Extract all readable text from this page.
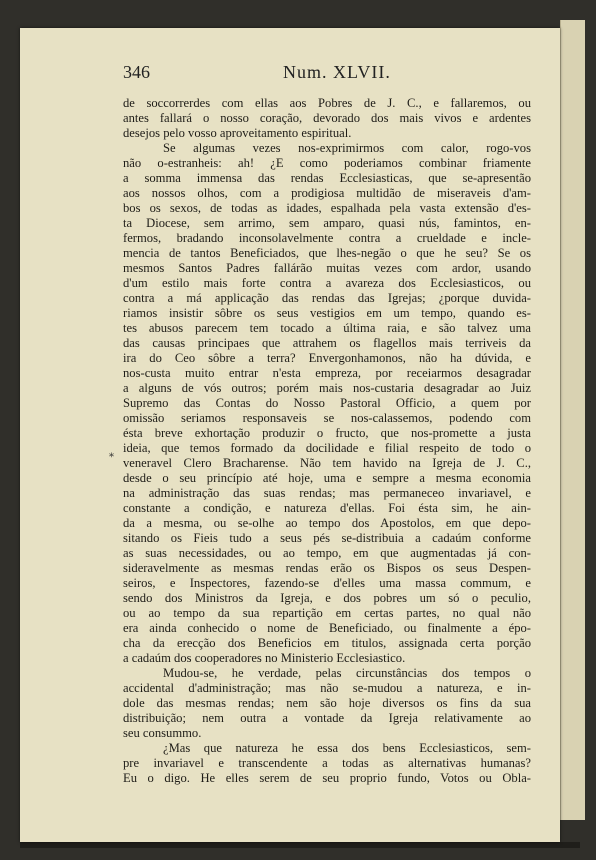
346	Num. XLVII.
*
de soccorrerdes com ellas aos Pobres de J. C., e fallaremos, ou
antes fallará o nosso coração, devorado dos mais vivos e ardentes
desejos pelo vosso aproveitamento espiritual.
Se algumas vezes nos-exprimirmos com calor, rogo-vos
não o-estranheis: ah! ¿E como poderiamos combinar friamente
a somma immensa das rendas Ecclesiasticas, que se-apresentão
aos nossos olhos, com a prodigiosa multidão de miseraveis d'am-
bos os sexos, de todas as idades, espalhada pela vasta extensão d'es-
ta Diocese, sem arrimo, sem amparo, quasi nús, famintos, en-
fermos, bradando inconsolavelmente contra a crueldade e incle-
mencia de tantos Beneficiados, que lhes-negão o que he seu? Se os
mesmos Santos Padres fallárão muitas vezes com ardor, usando
d'um estilo mais forte contra a avareza dos Ecclesiasticos, ou
contra a má applicação das rendas das Igrejas; ¿porque duvida-
riamos insistir sôbre os seus vestigios em um tempo, quando es-
tes abusos parecem tem tocado a última raia, e são talvez uma
das causas principaes que attrahem os flagellos mais terriveis da
ira do Ceo sôbre a terra? Envergonhamonos, não ha dúvida, e
nos-custa muito entrar n'esta empreza, por receiarmos desagradar
a alguns de vós outros; porém mais nos-custaria desagradar ao Juiz
Supremo das Contas do Nosso Pastoral Officio, a quem por
omissão seriamos responsaveis se nos-calassemos, podendo com
ésta breve exhortação produzir o fructo, que nos-promette a justa
ideia, que temos formado da docilidade e filial respeito de todo o
veneravel Clero Bracharense. Não tem havido na Igreja de J. C.,
desde o seu princípio até hoje, uma e sempre a mesma economia
na administração das suas rendas; mas permaneceo invariavel, e
constante a condição, e natureza d'ellas. Foi ésta sim, he ain-
da a mesma, ou se-olhe ao tempo dos Apostolos, em que depo-
sitando os Fieis tudo a seus pés se-distribuia a cadaúm conforme
as suas necessidades, ou ao tempo, em que augmentadas já con-
sideravelmente as mesmas rendas erão os Bispos os seus Despen-
seiros, e Inspectores, fazendo-se d'elles uma massa commum, e
sendo dos Ministros da Igreja, e dos pobres um só o peculio,
ou ao tempo da sua repartição em certas partes, no qual não
era ainda conhecido o nome de Beneficiado, ou finalmente a épo-
cha da erecção dos Beneficios em titulos, assignada certa porção
a cadaúm dos cooperadores no Ministerio Ecclesiastico.
Mudou-se, he verdade, pelas circunstâncias dos tempos o
accidental d'administração; mas não se-mudou a natureza, e in-
dole das mesmas rendas; nem são hoje diversos os fins da sua
distribuição; nem outra a vontade da Igreja relativamente ao
seu consummo.
¿Mas que natureza he essa dos bens Ecclesiasticos, sem-
pre invariavel e transcendente a todas as alternativas humanas?
Eu o digo. He elles serem de seu proprio fundo, Votos ou Obla-
